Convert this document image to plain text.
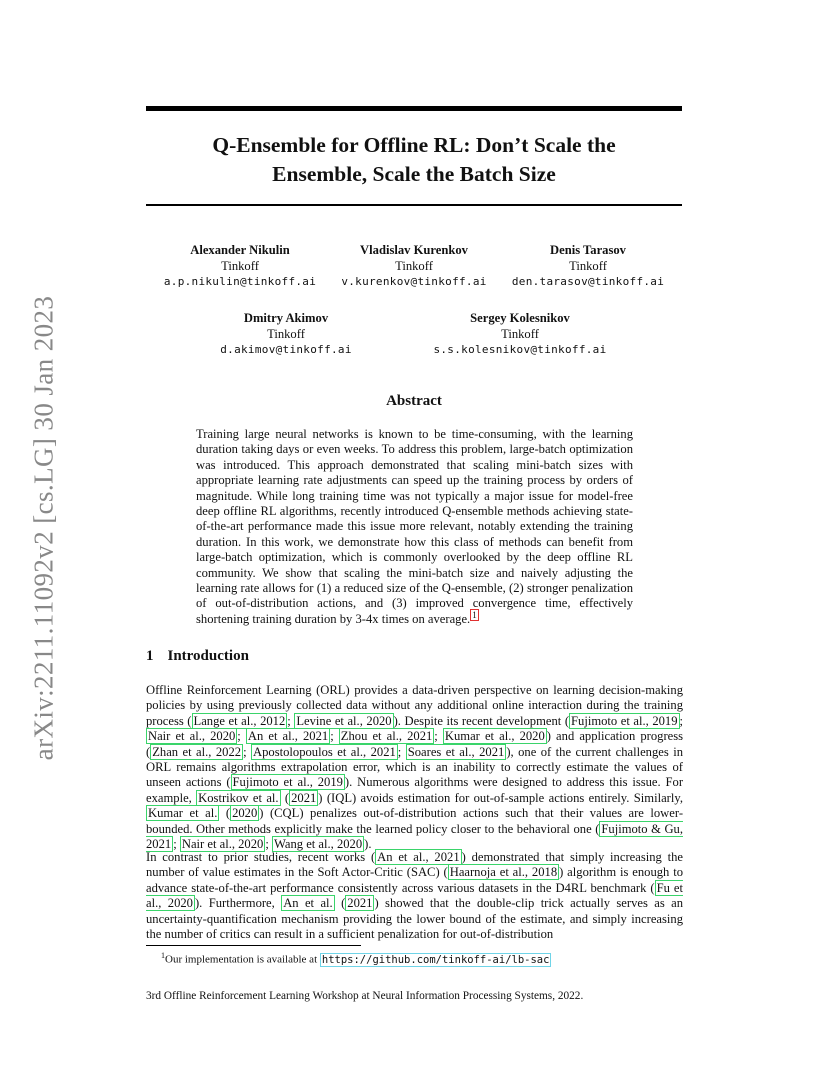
arXiv:2211.11092v2 [cs.LG] 30 Jan 2023
Q-Ensemble for Offline RL: Don’t Scale the
Ensemble, Scale the Batch Size
Alexander Nikulin
Tinkoff
a.p.nikulin@tinkoff.ai
Vladislav Kurenkov
Tinkoff
v.kurenkov@tinkoff.ai
Denis Tarasov
Tinkoff
den.tarasov@tinkoff.ai
Dmitry Akimov
Tinkoff
d.akimov@tinkoff.ai
Sergey Kolesnikov
Tinkoff
s.s.kolesnikov@tinkoff.ai
Abstract

Training large neural networks is known to be time-consuming, with the learning duration taking days or even weeks. To address this problem, large-batch optimization was introduced. This approach demonstrated that scaling mini-batch sizes with appropriate learning rate adjustments can speed up the training process by orders of magnitude. While long training time was not typically a major issue for model-free deep offline RL algorithms, recently introduced Q-ensemble methods achieving state-of-the-art performance made this issue more relevant, notably extending the training duration. In this work, we demonstrate how this class of methods can benefit from large-batch optimization, which is commonly overlooked by the deep offline RL community. We show that scaling the mini-batch size and naively adjusting the learning rate allows for (1) a reduced size of the Q-ensemble, (2) stronger penalization of out-of-distribution actions, and (3) improved convergence time, effectively shortening training duration by 3-4x times on average. $^1$

1 Introduction

Offline Reinforcement Learning (ORL) provides a data-driven perspective on learning decision-making policies by using previously collected data without any additional online interaction during the training process ( Lange et al., 2012 ; Levine et al., 2020 ). Despite its recent development ( Fujimoto et al., 2019 ; Nair et al., 2020 ; An et al., 2021 ; Zhou et al., 2021 ; Kumar et al., 2020 ) and application progress ( Zhan et al., 2022 ; Apostolopoulos et al., 2021 ; Soares et al., 2021 ), one of the current challenges in ORL remains algorithms extrapolation error, which is an inability to correctly estimate the values of unseen actions ( Fujimoto et al., 2019 ). Numerous algorithms were designed to address this issue. For example, Kostrikov et al. ( 2021 ) (IQL) avoids estimation for out-of-sample actions entirely. Similarly, Kumar et al. ( 2020 ) (CQL) penalizes out-of-distribution actions such that their values are lower-bounded. Other methods explicitly make the learned policy closer to the behavioral one ( Fujimoto & Gu, 2021 ; Nair et al., 2020 ; Wang et al., 2020 ).

In contrast to prior studies, recent works ( An et al., 2021 ) demonstrated that simply increasing the number of value estimates in the Soft Actor-Critic (SAC) ( Haarnoja et al., 2018 ) algorithm is enough to advance state-of-the-art performance consistently across various datasets in the D4RL benchmark ( Fu et al., 2020 ). Furthermore, An et al. ( 2021 ) showed that the double-clip trick actually serves as an uncertainty-quantification mechanism providing the lower bound of the estimate, and simply increasing the number of critics can result in a sufficient penalization for out-of-distribution

$^1$Our implementation is available at https://github.com/tinkoff-ai/lb-sac
3rd Offline Reinforcement Learning Workshop at Neural Information Processing Systems, 2022.
